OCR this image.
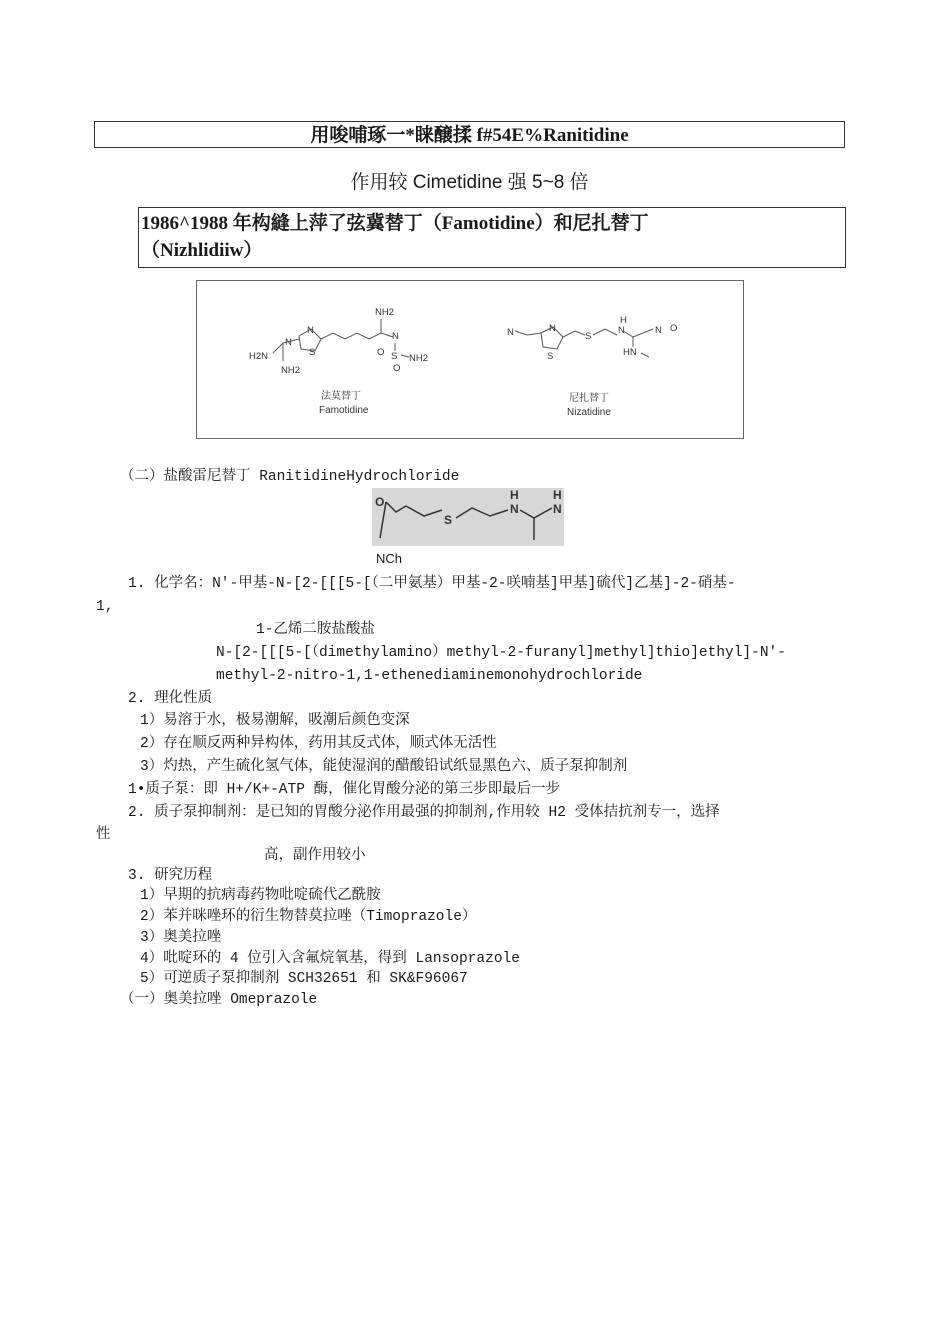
用唆哺琢一*睐醸揉 f#54E%Ranitidine
作用较 Cimetidine 强 5~8 倍
1986^1988 年构縫上萍了弦冀替丁（Famotidine）和尼扎替丁
（Nizhlidiiw）
NH2
N
S NH2
O
O
H2N
N
S
NH2
N
法莫替丁
Famotidine
N	N
S
S
H
N
HN
N O
尼扎替丁
Nizatidine
（二）盐酸雷尼替丁 RanitidineHydrochloride
O
S
H
N
H
N
NCh
1. 化学名：N'-甲基-N-[2-[[[5-[（二甲氨基）甲基-2-咲喃基]甲基]硫代]乙基]-2-硝基-
1,
1-乙烯二胺盐酸盐
N-[2-[[[5-[（dimethylamino）methyl-2-furanyl]methyl]thio]ethyl]-N'-
methyl-2-nitro-1,1-ethenediaminemonohydrochloride
2. 理化性质
1）易溶于水，极易潮解，吸潮后颜色变深
2）存在顺反两种异构体，药用其反式体，顺式体无活性
3）灼热，产生硫化氢气体，能使湿润的醋酸铅试纸显黑色六、质子泵抑制剂
1•质子泵：即 H+/K+-ATP 酶，催化胃酸分泌的第三步即最后一步
2. 质子泵抑制剂：是已知的胃酸分泌作用最强的抑制剂,作用较 H2 受体拮抗剂专一，选择
性
高，副作用较小
3. 研究历程
1）早期的抗病毒药物吡啶硫代乙酰胺
2）苯并咪唑环的衍生物替莫拉唑（Timoprazole）
3）奥美拉唑
4）吡啶环的 4 位引入含氟烷氧基，得到 Lansoprazole
5）可逆质子泵抑制剂 SCH32651 和 SK&F96067
（一）奥美拉唑 Omeprazole
